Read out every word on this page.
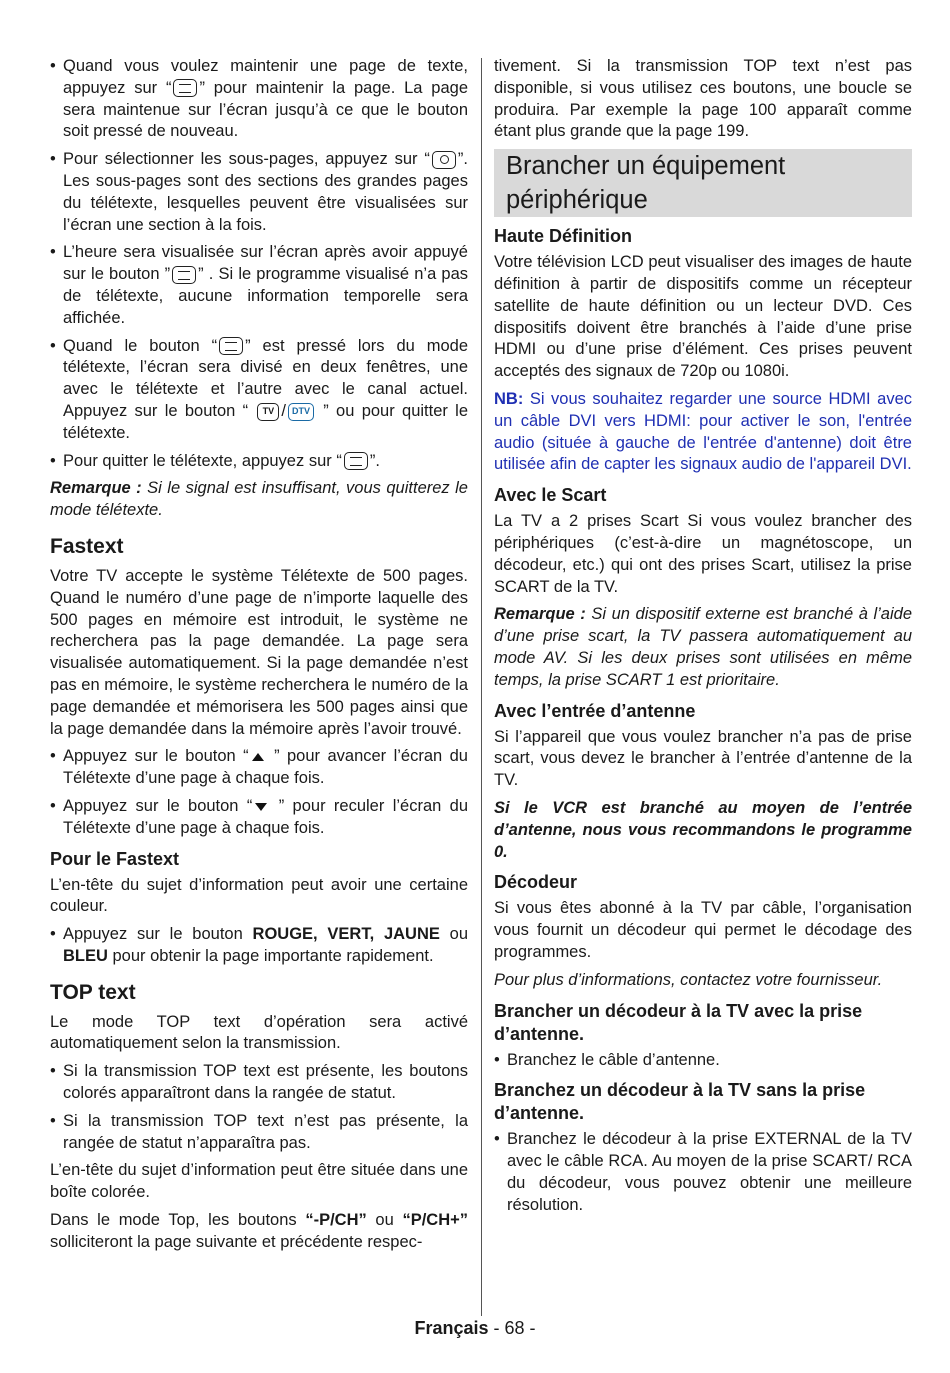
• Quand vous voulez maintenir une page de texte, appuyez sur “ ” pour maintenir la page. La page sera maintenue sur l’écran jusqu’à ce que le bouton soit pressé de nouveau.
• Pour sélectionner les sous-pages, appuyez sur “ ”. Les sous-pages sont des sections des grandes pages du télétexte, lesquelles peuvent être visualisées sur l’écran une section à la fois.
• L’heure sera visualisée sur l’écran après avoir appuyé sur le bouton ” ” . Si le programme visualisé n’a pas de télétexte, aucune information temporelle sera affichée.
• Quand le bouton “ ” est pressé lors du mode télétexte, l’écran sera divisé en deux fenêtres, une avec le télétexte et l’autre avec le canal actuel. Appuyez sur le bouton “ TV / DTV ” ou pour quitter le télétexte.
• Pour quitter le télétexte, appuyez sur “ ”.

Remarque : Si le signal est insuffisant, vous quitterez le mode télétexte.

Fastext

Votre TV accepte le système Télétexte de 500 pages. Quand le numéro d’une page de n’importe laquelle des 500 pages en mémoire est introduit, le système ne recherchera pas la page demandée. La page sera visualisée automatiquement. Si la page demandée n’est pas en mémoire, le système recherchera le numéro de la page demandée et mémorisera les 500 pages ainsi que la page demandée dans la mémoire après l’avoir trouvé.

• Appuyez sur le bouton “ ” pour avancer l’écran du Télétexte d’une page à chaque fois.
• Appuyez sur le bouton “ ” pour reculer l’écran du Télétexte d’une page à chaque fois.
Pour le Fastext

L’en-tête du sujet d’information peut avoir une certaine couleur.

• Appuyez sur le bouton ROUGE, VERT, JAUNE ou BLEU pour obtenir la page importante rapidement.
TOP text

Le mode TOP text d’opération sera activé automatiquement selon la transmission.

• Si la transmission TOP text est présente, les boutons colorés apparaîtront dans la rangée de statut.
• Si la transmission TOP text n’est pas présente, la rangée de statut n’apparaîtra pas.

L’en-tête du sujet d’information peut être située dans une boîte colorée.

Dans le mode Top, les boutons “-P/CH” ou “P/CH+” solliciteront la page suivante et précédente respec-

tivement. Si la transmission TOP text n’est pas disponible, si vous utilisez ces boutons, une boucle se produira. Par exemple la page 100 apparaît comme étant plus grande que la page 199.

Brancher un équipement périphérique
Haute Définition

Votre télévision LCD peut visualiser des images de haute définition à partir de dispositifs comme un récepteur satellite de haute définition ou un lecteur DVD. Ces dispositifs doivent être branchés à l’aide d’une prise HDMI ou d’une prise d’élément. Ces prises peuvent acceptés des signaux de 720p ou 1080i.

NB: Si vous souhaitez regarder une source HDMI avec un câble DVI vers HDMI: pour activer le son, l'entrée audio (située à gauche de l'entrée d'antenne) doit être utilisée afin de capter les signaux audio de l'appareil DVI.

Avec le Scart

La TV a 2 prises Scart Si vous voulez brancher des périphériques (c’est-à-dire un magnétoscope, un décodeur, etc.) qui ont des prises Scart, utilisez la prise SCART de la TV.

Remarque : Si un dispositif externe est branché à l’aide d’une prise scart, la TV passera automatiquement au mode AV. Si les deux prises sont utilisées en même temps, la prise SCART 1 est prioritaire.

Avec l’entrée d’antenne

Si l’appareil que vous voulez brancher n’a pas de prise scart, vous devez le brancher à l’entrée d’antenne de la TV.

Si le VCR est branché au moyen de l’entrée d’antenne, nous vous recommandons le programme 0.

Décodeur

Si vous êtes abonné à la TV par câble, l’organisation vous fournit un décodeur qui permet le décodage des programmes.

Pour plus d’informations, contactez votre fournisseur.

Brancher un décodeur à la TV avec la prise d’antenne.
• Branchez le câble d’antenne.
Branchez un décodeur à la TV sans la prise d’antenne.
• Branchez le décodeur à la prise EXTERNAL de la TV avec le câble RCA. Au moyen de la prise SCART/ RCA du décodeur, vous pouvez obtenir une meilleure résolution.
Français - 68 -
